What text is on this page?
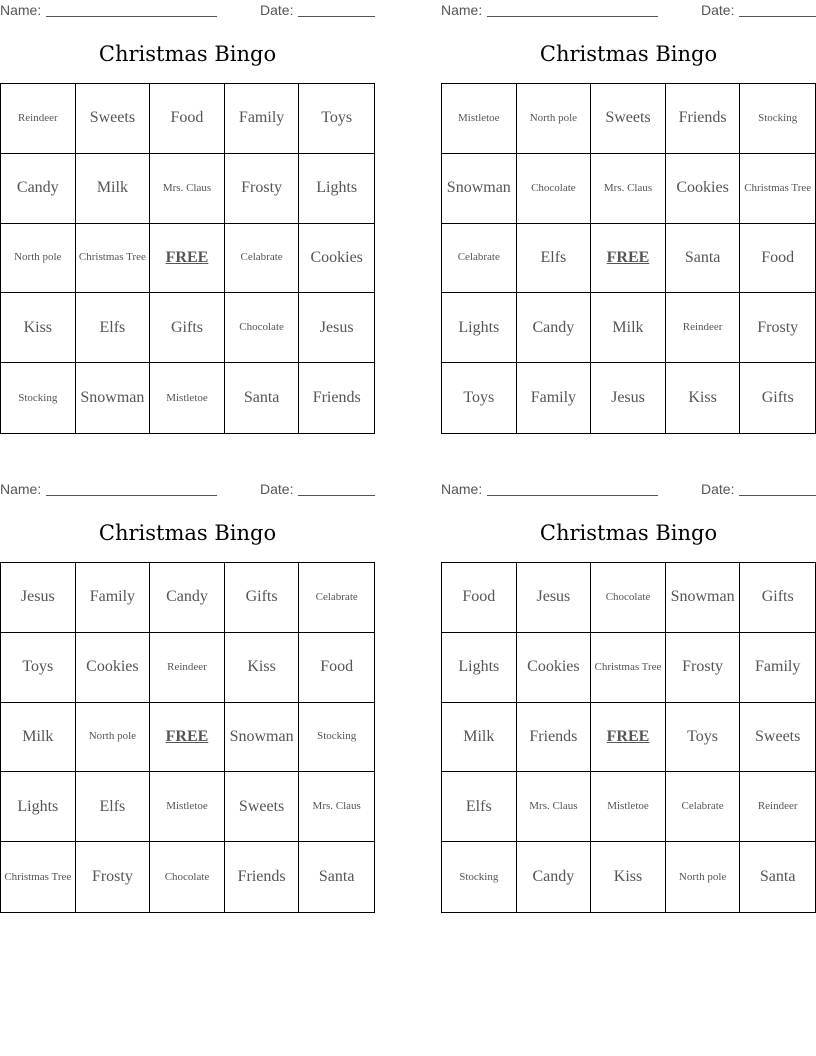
Name:	Date:
Christmas Bingo
Reindeer	Sweets	Food	Family	Toys
Candy	Milk	Mrs. Claus	Frosty	Lights
North pole	Christmas Tree	FREE	Celabrate	Cookies
Kiss	Elfs	Gifts	Chocolate	Jesus
Stocking	Snowman	Mistletoe	Santa	Friends
Name:	Date:
Christmas Bingo
Mistletoe	North pole	Sweets	Friends	Stocking
Snowman	Chocolate	Mrs. Claus	Cookies	Christmas Tree
Celabrate	Elfs	FREE	Santa	Food
Lights	Candy	Milk	Reindeer	Frosty
Toys	Family	Jesus	Kiss	Gifts
Name:	Date:
Christmas Bingo
Jesus	Family	Candy	Gifts	Celabrate
Toys	Cookies	Reindeer	Kiss	Food
Milk	North pole	FREE	Snowman	Stocking
Lights	Elfs	Mistletoe	Sweets	Mrs. Claus
Christmas Tree	Frosty	Chocolate	Friends	Santa
Name:	Date:
Christmas Bingo
Food	Jesus	Chocolate	Snowman	Gifts
Lights	Cookies	Christmas Tree	Frosty	Family
Milk	Friends	FREE	Toys	Sweets
Elfs	Mrs. Claus	Mistletoe	Celabrate	Reindeer
Stocking	Candy	Kiss	North pole	Santa
